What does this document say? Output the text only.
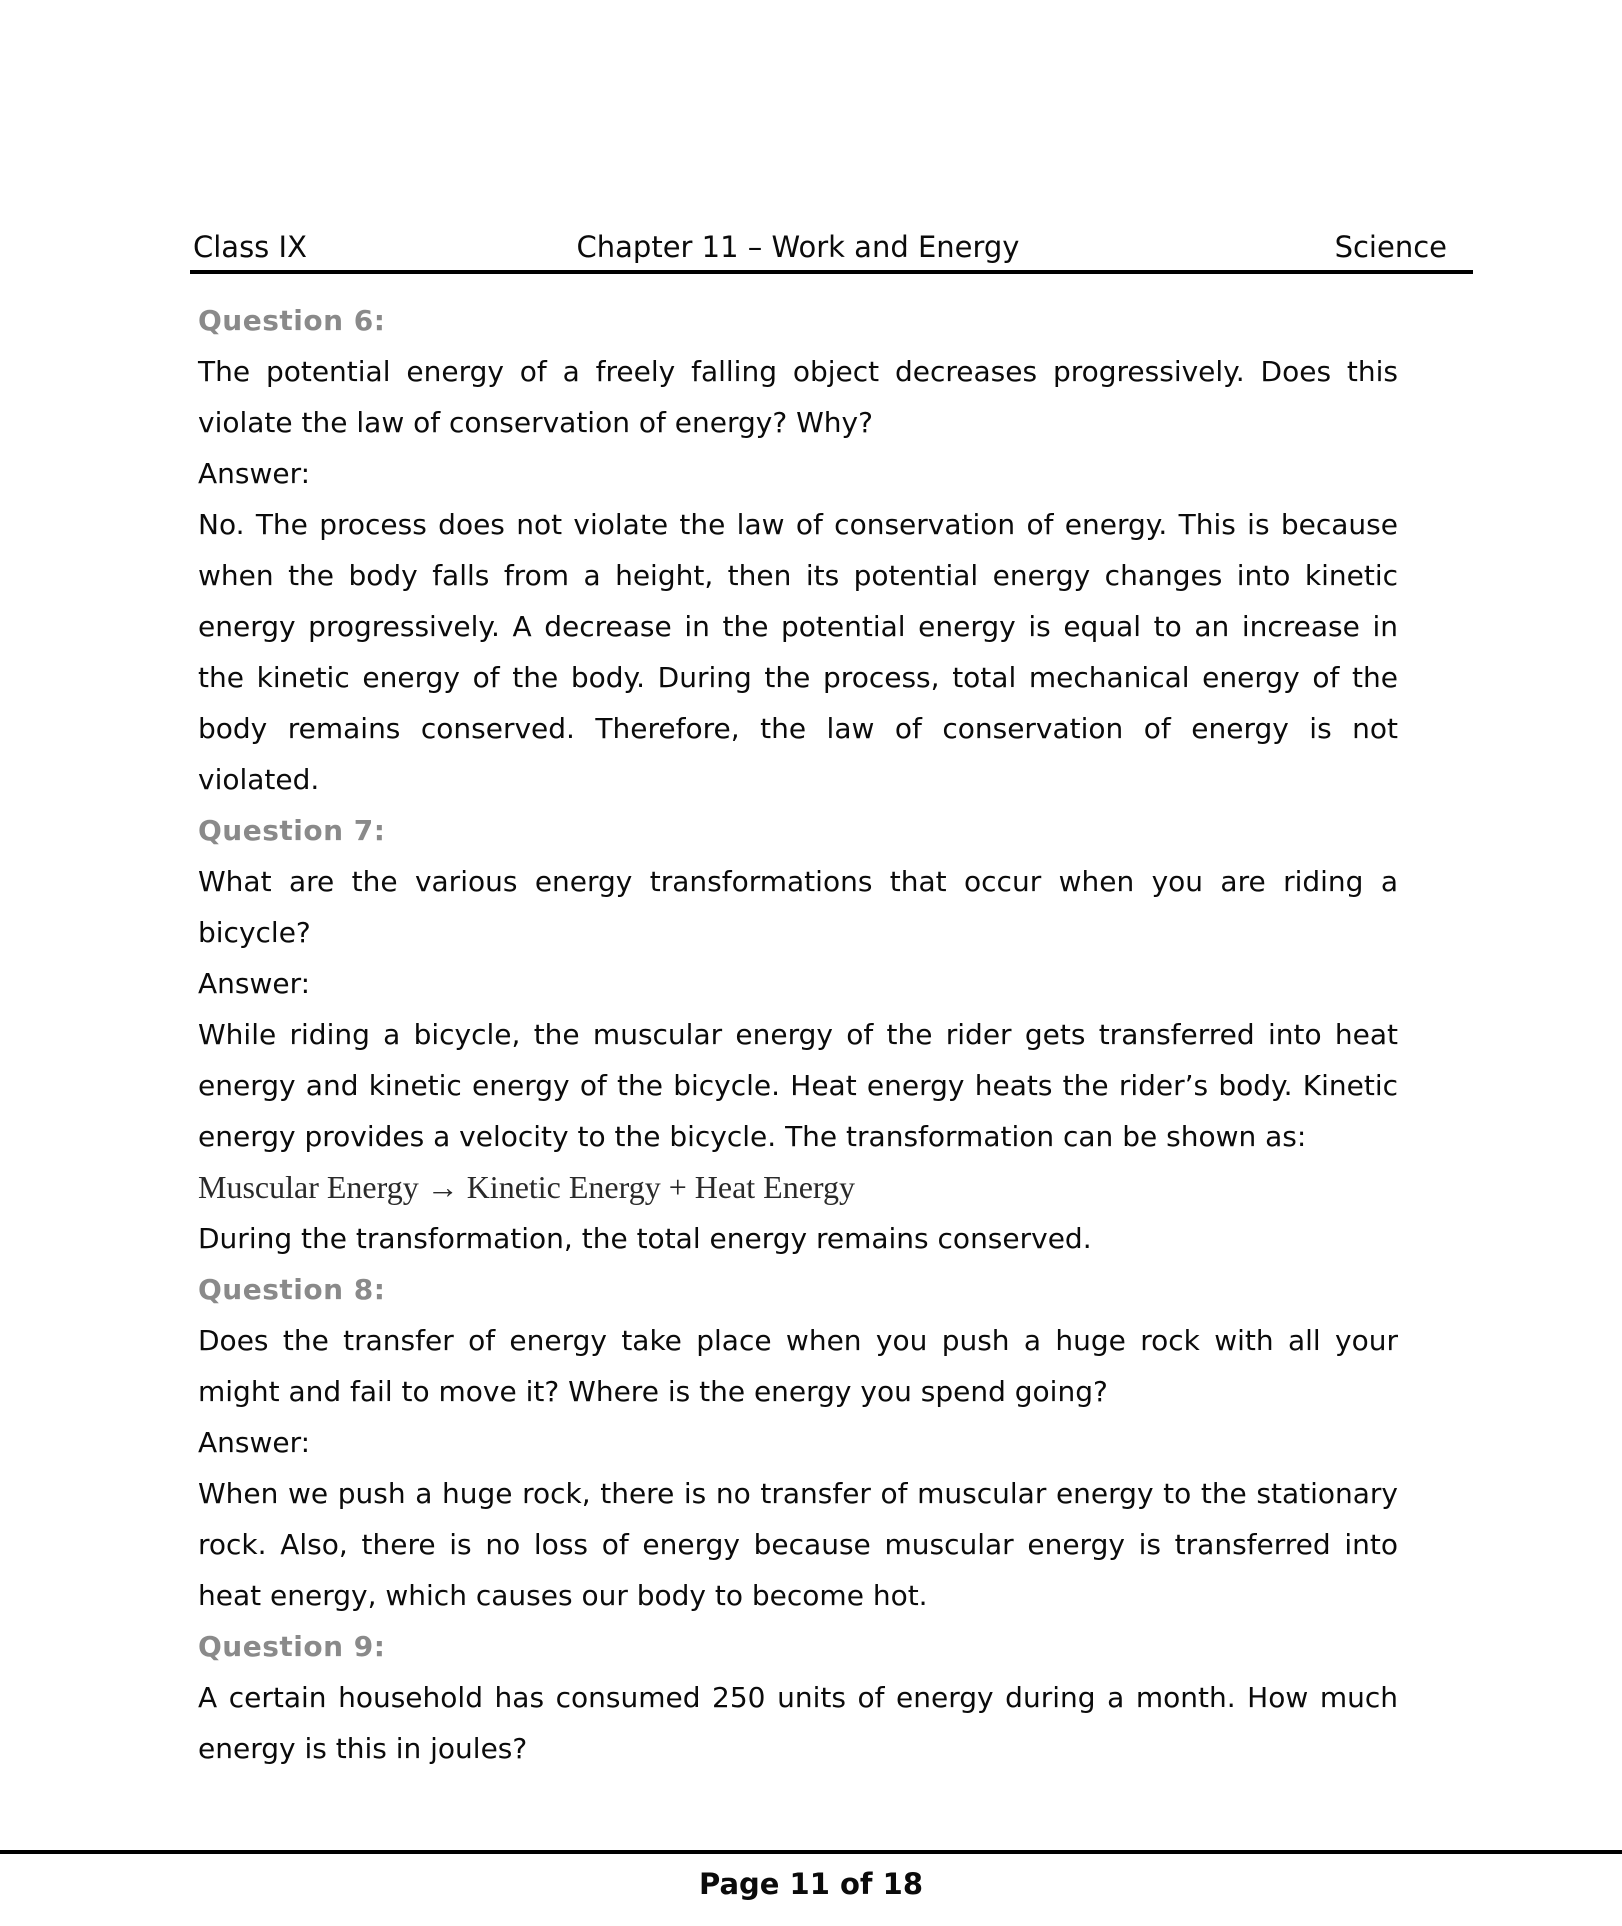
Class IX	Chapter 11 – Work and Energy	Science

Question 6:

The potential energy of a freely falling object decreases progressively. Does this violate the law of conservation of energy? Why?

Answer:

No. The process does not violate the law of conservation of energy. This is because when the body falls from a height, then its potential energy changes into kinetic energy progressively. A decrease in the potential energy is equal to an increase in the kinetic energy of the body. During the process, total mechanical energy of the body remains conserved. Therefore, the law of conservation of energy is not violated.

Question 7:

What are the various energy transformations that occur when you are riding a bicycle?

Answer:

While riding a bicycle, the muscular energy of the rider gets transferred into heat energy and kinetic energy of the bicycle. Heat energy heats the rider’s body. Kinetic energy provides a velocity to the bicycle. The transformation can be shown as:

Muscular Energy → Kinetic Energy + Heat Energy

During the transformation, the total energy remains conserved.

Question 8:

Does the transfer of energy take place when you push a huge rock with all your might and fail to move it? Where is the energy you spend going?

Answer:

When we push a huge rock, there is no transfer of muscular energy to the stationary rock. Also, there is no loss of energy because muscular energy is transferred into heat energy, which causes our body to become hot.

Question 9:

A certain household has consumed 250 units of energy during a month. How much energy is this in joules?

Page 11 of 18
